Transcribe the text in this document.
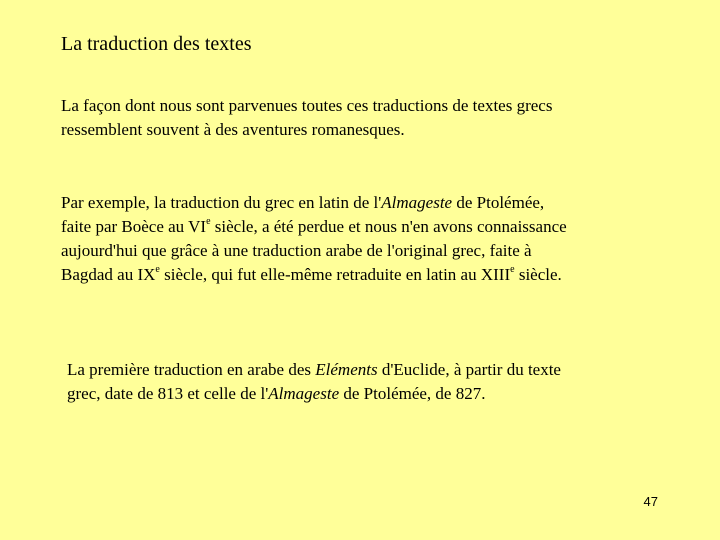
La traduction des textes
La façon dont nous sont parvenues toutes ces traductions de textes grecs
ressemblent souvent à des aventures romanesques.
Par exemple, la traduction du grec en latin de l'Almageste de Ptolémée,
faite par Boèce au VIe siècle, a été perdue et nous n'en avons connaissance
aujourd'hui que grâce à une traduction arabe de l'original grec, faite à
Bagdad au IXe siècle, qui fut elle-même retraduite en latin au XIIIe siècle.
La première traduction en arabe des Eléments d'Euclide, à partir du texte
grec, date de 813 et celle de l'Almageste de Ptolémée, de 827.
47
